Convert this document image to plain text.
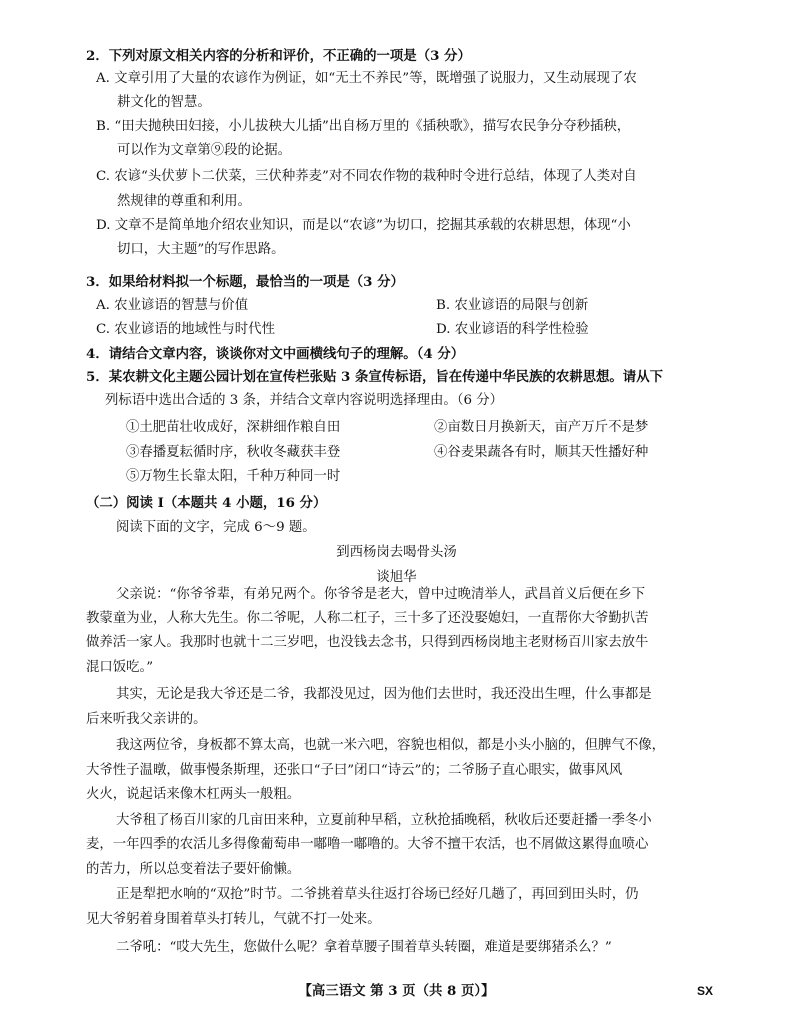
2．下列对原文相关内容的分析和评价，不正确的一项是（3 分）
A. 文章引用了大量的农谚作为例证，如“无土不养民”等，既增强了说服力，又生动展现了农
耕文化的智慧。
B. “田夫抛秧田妇接，小儿拔秧大儿插”出自杨万里的《插秧歌》，描写农民争分夺秒插秧，
可以作为文章第⑨段的论据。
C. 农谚“头伏萝卜二伏菜，三伏种荞麦”对不同农作物的栽种时令进行总结，体现了人类对自
然规律的尊重和利用。
D. 文章不是简单地介绍农业知识，而是以“农谚”为切口，挖掘其承载的农耕思想，体现“小
切口，大主题”的写作思路。
3．如果给材料拟一个标题，最恰当的一项是（3 分）
A. 农业谚语的智慧与价值	B. 农业谚语的局限与创新
C. 农业谚语的地域性与时代性	D. 农业谚语的科学性检验
4．请结合文章内容，谈谈你对文中画横线句子的理解。（4 分）
5．某农耕文化主题公园计划在宣传栏张贴 3 条宣传标语，旨在传递中华民族的农耕思想。请从下
列标语中选出合适的 3 条，并结合文章内容说明选择理由。（6 分）
①土肥苗壮收成好，深耕细作粮自田	②亩数日月换新天，亩产万斤不是梦
③春播夏耘循时序，秋收冬藏获丰登	④谷麦果蔬各有时，顺其天性播好种
⑤万物生长靠太阳，千种万种同一时
（二）阅读 I（本题共 4 小题，16 分）
阅读下面的文字，完成 6～9 题。
到西杨岗去喝骨头汤
谈旭华
父亲说：“你爷爷辈，有弟兄两个。你爷爷是老大，曾中过晚清举人，武昌首义后便在乡下
教蒙童为业，人称大先生。你二爷呢，人称二杠子，三十多了还没娶媳妇，一直帮你大爷勤扒苦
做养活一家人。我那时也就十二三岁吧，也没钱去念书，只得到西杨岗地主老财杨百川家去放牛
混口饭吃。”
其实，无论是我大爷还是二爷，我都没见过，因为他们去世时，我还没出生哩，什么事都是
后来听我父亲讲的。
我这两位爷，身板都不算太高，也就一米六吧，容貌也相似，都是小头小脑的，但脾气不像，
大爷性子温暾，做事慢条斯理，还张口“子曰”闭口“诗云”的；二爷肠子直心眼实，做事风风
火火，说起话来像木杠两头一般粗。
大爷租了杨百川家的几亩田来种，立夏前种早稻，立秋抢插晚稻，秋收后还要赶播一季冬小
麦，一年四季的农活儿多得像葡萄串一嘟噜一嘟噜的。大爷不擅干农活，也不屑做这累得血喷心
的苦力，所以总变着法子要奸偷懒。
正是犁把水响的“双抢”时节。二爷挑着草头往返打谷场已经好几趟了，再回到田头时，仍
见大爷躬着身围着草头打转儿，气就不打一处来。
二爷吼：“哎大先生，您做什么呢？拿着草腰子围着草头转圈，难道是要绑猪杀么？”
【高三语文 第 3 页（共 8 页）】	SX
